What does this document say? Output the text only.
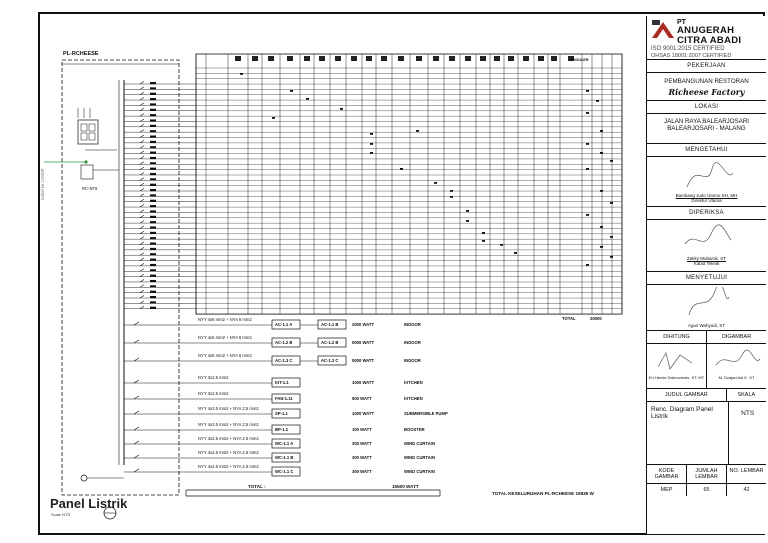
PL-RCHEESE
RC-NT6
Kabel ke LVMDP
REGULER
TOTAL	20000
NYY 4x6 mm2 + NYA 6 mm2
AC-1.1 A	AC-1.1 B	2000 WATT	INDOOR
NYY 4x6 mm2 + NYA 6 mm2
AC-1.2 B	AC-1.2 B	5000 WATT	INDOOR
NYY 4x6 mm2 + NYA 6 mm2
AC-1.3 C	AC-1.3 C	5000 WATT	INDOOR
NYY 3x2.5 mm2
KIT-1.1	1000 WATT	KITCHEN
NYY 3x2.5 mm2
FAN-1.11	500 WATT	KITCHEN
NYY 4x2.5 mm2 + NYA 2.5 mm2
SP-1.1	1000 WATT	SUBMERSIBLE PUMP
NYY 4x2.5 mm2 + NYA 2.5 mm2
BP-1.1	100 WATT	BOOSTER
NYY 4x2.5 mm2 + NYA 2.5 mm2
WC-1.1 A	300 WATT	WIND CURTAIN
NYY 4x2.5 mm2 + NYA 2.5 mm2
WC-1.1 B	300 WATT	WIND CURTAIN
NYY 4x2.5 mm2 + NYA 2.5 mm2
WC-1.1 C	300 WATT	WIND CURTAIN
TOTAL :	15500 WATT
TOTAL KESELURUHAN PL-RCHEESE 19836 W
Panel Listrik
Scale NTS
PT
ANUGERAH
CITRA ABADI
ISO 9001:2015 CERTIFIED
OHSAS 18001:2007 CERTIFIED
PEKERJAAN
PEMBANGUNAN RESTORAN
Richeese Factory
LOKASI
JALAN RAYA BALEARJOSARI BALEARJOSARI - MALANG
MENGETAHUI
Bambang Judo Utomo SH, MH
Direktur Utama
DIPERIKSA
Zakky Mubarok, ST
Kabid Teknik
MENYETUJUI
Agus Wahyudi, ST
DIHITUNG	DIGAMBAR
Eri Hervie Dwinovianto, ST, MT	M. Dzajad Adi K, ST
JUDUL GAMBAR	SKALA
Renc. Diagram Panel Listrik	NTS
KODE GAMBAR
JUMLAH LEMBAR
NO. LEMBAR
MEP	65	42
